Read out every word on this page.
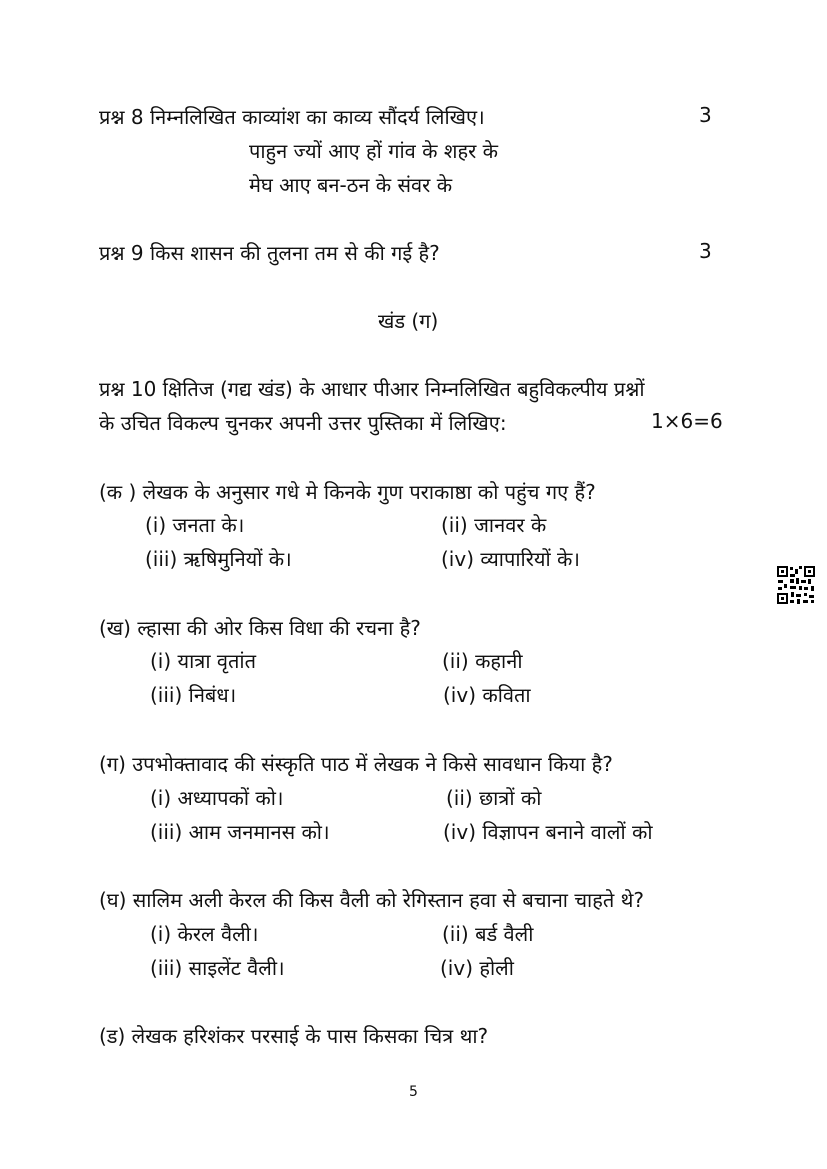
प्रश्न 8 निम्नलिखित काव्यांश का काव्य सौंदर्य लिखिए।	3
पाहुन ज्यों आए हों गांव के शहर के
मेघ आए बन-ठन के संवर के
प्रश्न 9 किस शासन की तुलना तम से की गई है?	3
खंड (ग)
प्रश्न 10 क्षितिज (गद्य खंड) के आधार पीआर निम्नलिखित बहुविकल्पीय प्रश्नों
के उचित विकल्प चुनकर अपनी उत्तर पुस्तिका में लिखिए:	1×6=6
(क ) लेखक के अनुसार गधे मे किनके गुण पराकाष्ठा को पहुंच गए हैं?
(i) जनता के।	(ii) जानवर के
(iii) ऋषिमुनियों के।	(iv) व्यापारियों के।
(ख) ल्हासा की ओर किस विधा की रचना है?
(i) यात्रा वृतांत	(ii) कहानी
(iii) निबंध।	(iv) कविता
(ग) उपभोक्तावाद की संस्कृति पाठ में लेखक ने किसे सावधान किया है?
(i) अध्यापकों को।	(ii) छात्रों को
(iii) आम जनमानस को।	(iv) विज्ञापन बनाने वालों को
(घ) सालिम अली केरल की किस वैली को रेगिस्तान हवा से बचाना चाहते थे?
(i) केरल वैली।	(ii) बर्ड वैली
(iii) साइलेंट वैली।	(iv) होली
(ड) लेखक हरिशंकर परसाई के पास किसका चित्र था?
5
